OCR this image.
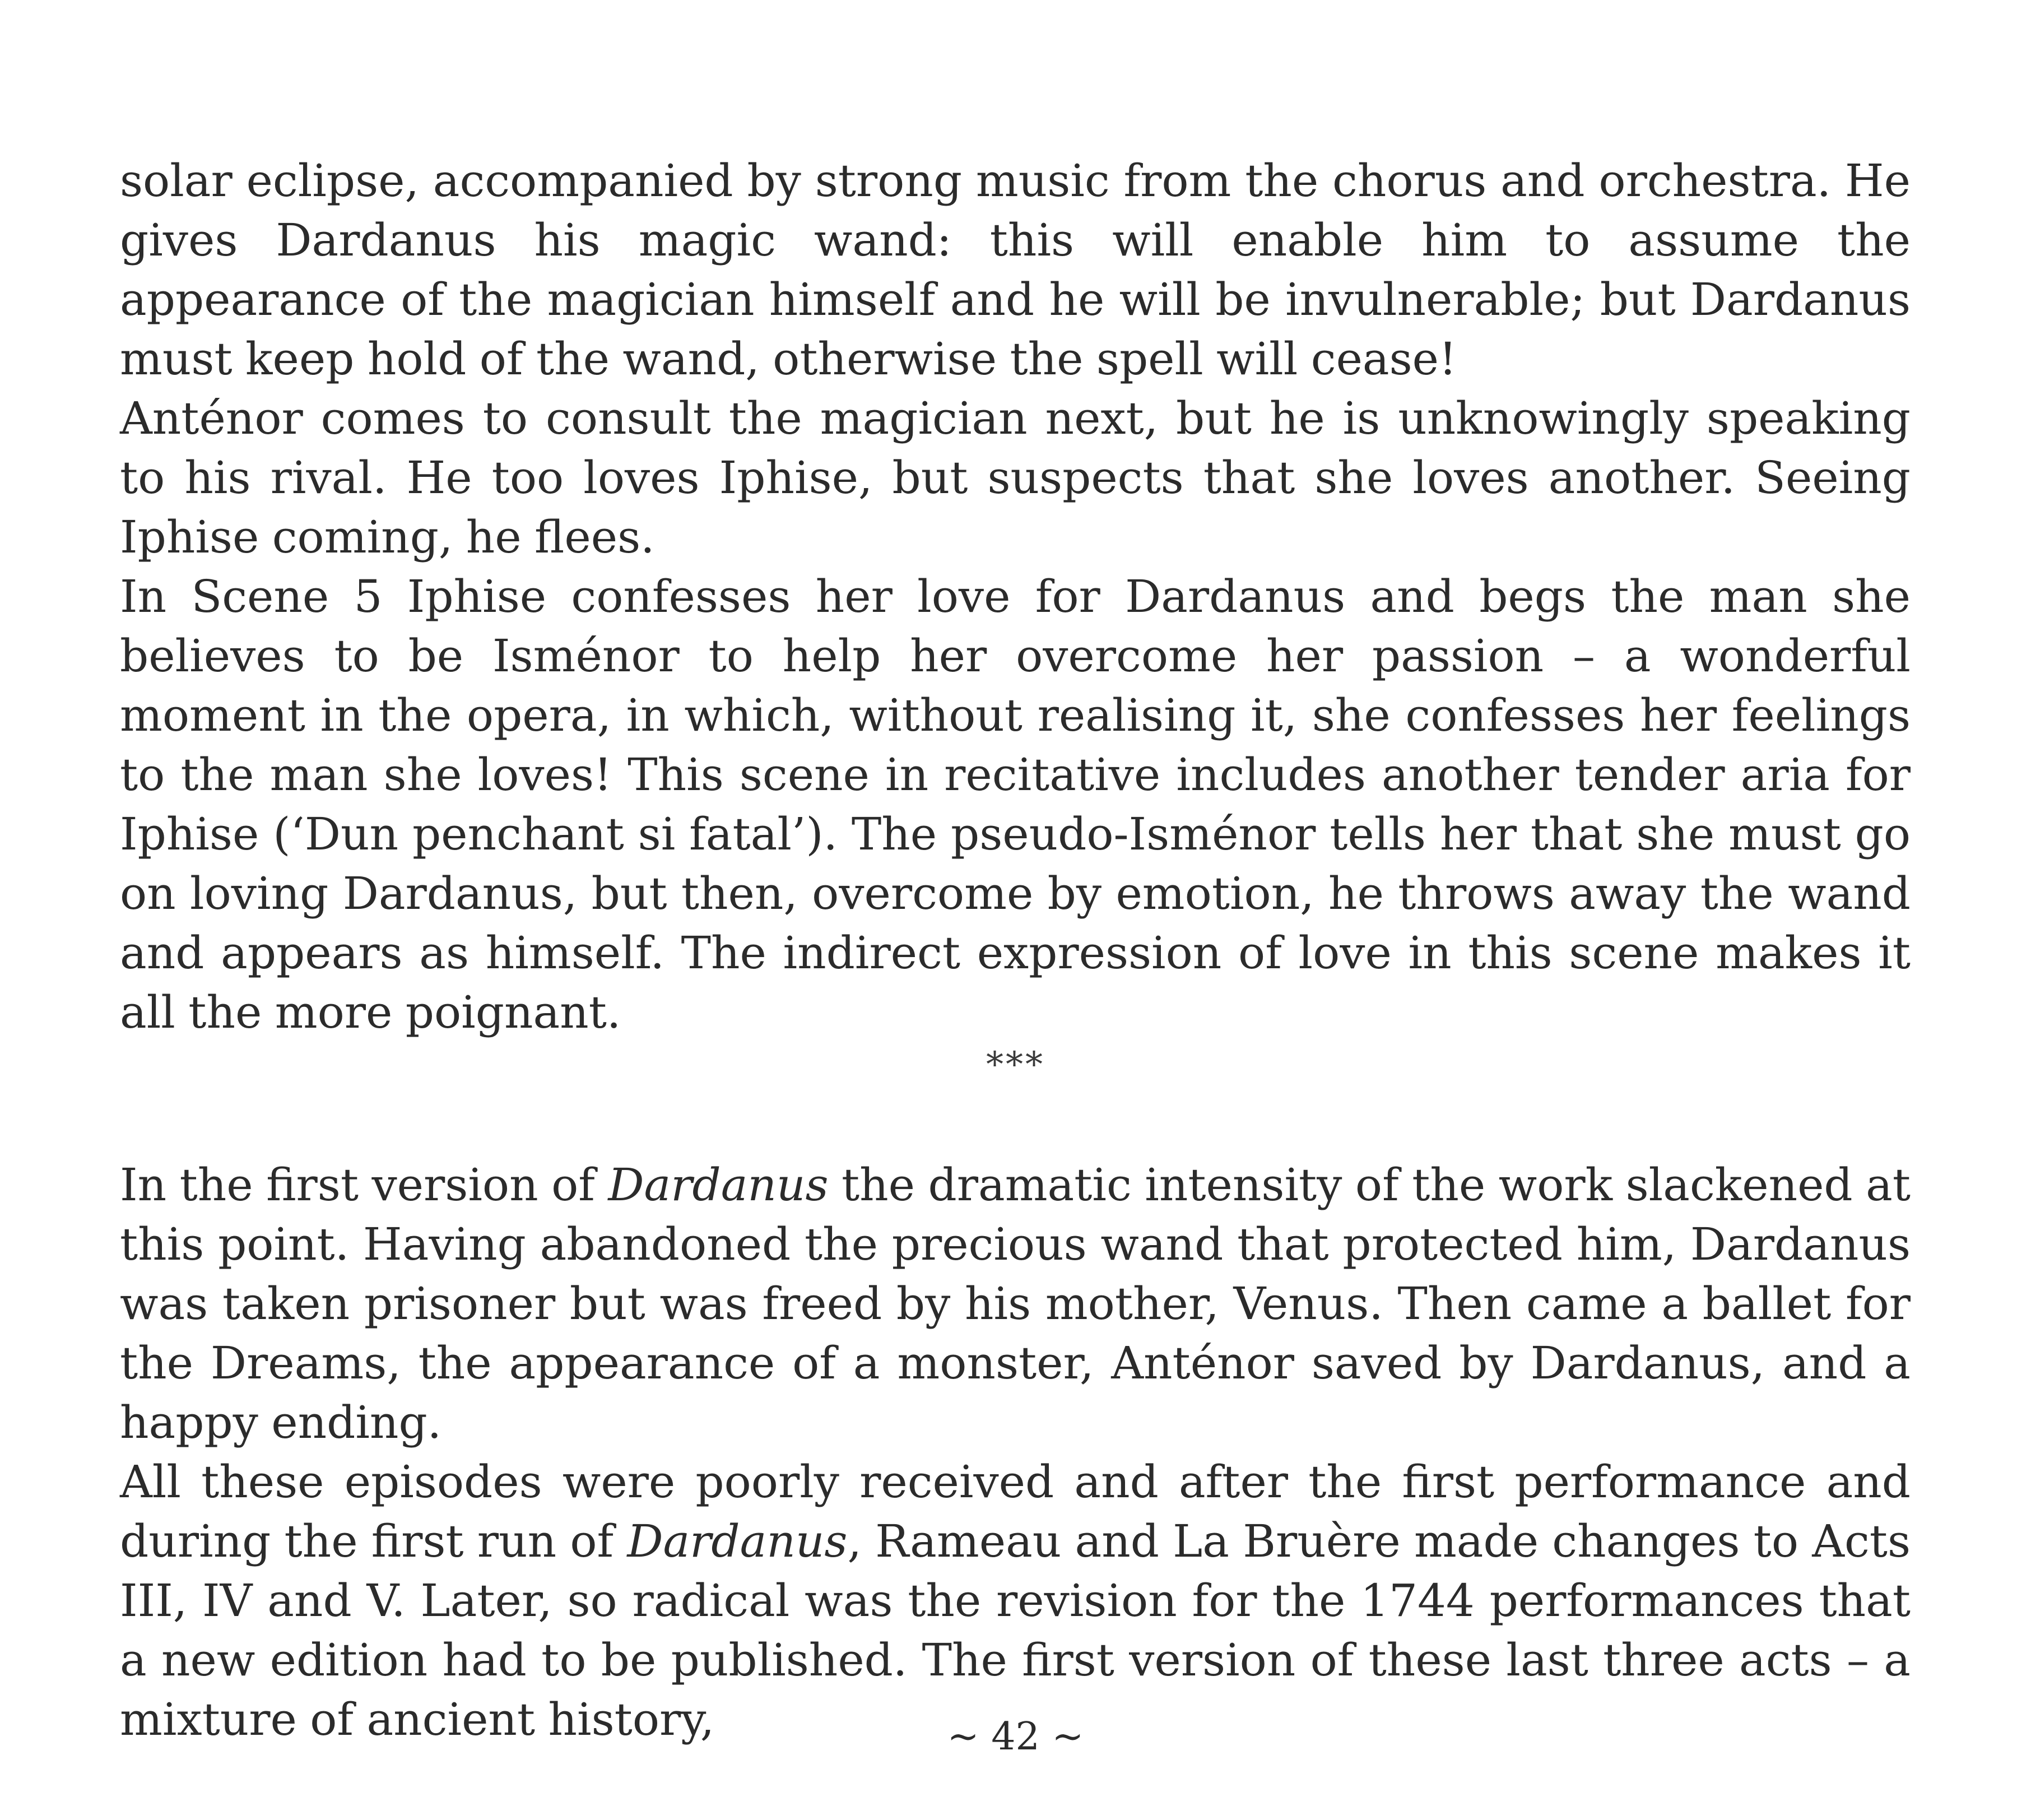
solar eclipse, accompanied by strong music from the chorus and orchestra. He gives Dardanus his magic wand: this will enable him to assume the appearance of the magician himself and he will be invulnerable; but Dardanus must keep hold of the wand, otherwise the spell will cease!

Anténor comes to consult the magician next, but he is unknowingly speaking to his rival. He too loves Iphise, but suspects that she loves another. Seeing Iphise coming, he flees.

In Scene 5 Iphise confesses her love for Dardanus and begs the man she believes to be Isménor to help her overcome her passion – a wonderful moment in the opera, in which, without realising it, she confesses her feelings to the man she loves! This scene in recitative includes another tender aria for Iphise (‘Dun penchant si fatal’). The pseudo-Isménor tells her that she must go on loving Dardanus, but then, overcome by emotion, he throws away the wand and appears as himself. The indirect expression of love in this scene makes it all the more poignant.

***

In the first version of Dardanus the dramatic intensity of the work slackened at this point. Having abandoned the precious wand that protected him, Dardanus was taken prisoner but was freed by his mother, Venus. Then came a ballet for the Dreams, the appearance of a monster, Anténor saved by Dardanus, and a happy ending.

All these episodes were poorly received and after the first performance and during the first run of Dardanus, Rameau and La Bruère made changes to Acts III, IV and V. Later, so radical was the revision for the 1744 performances that a new edition had to be published. The first version of these last three acts – a mixture of ancient history,	~ 42 ~
